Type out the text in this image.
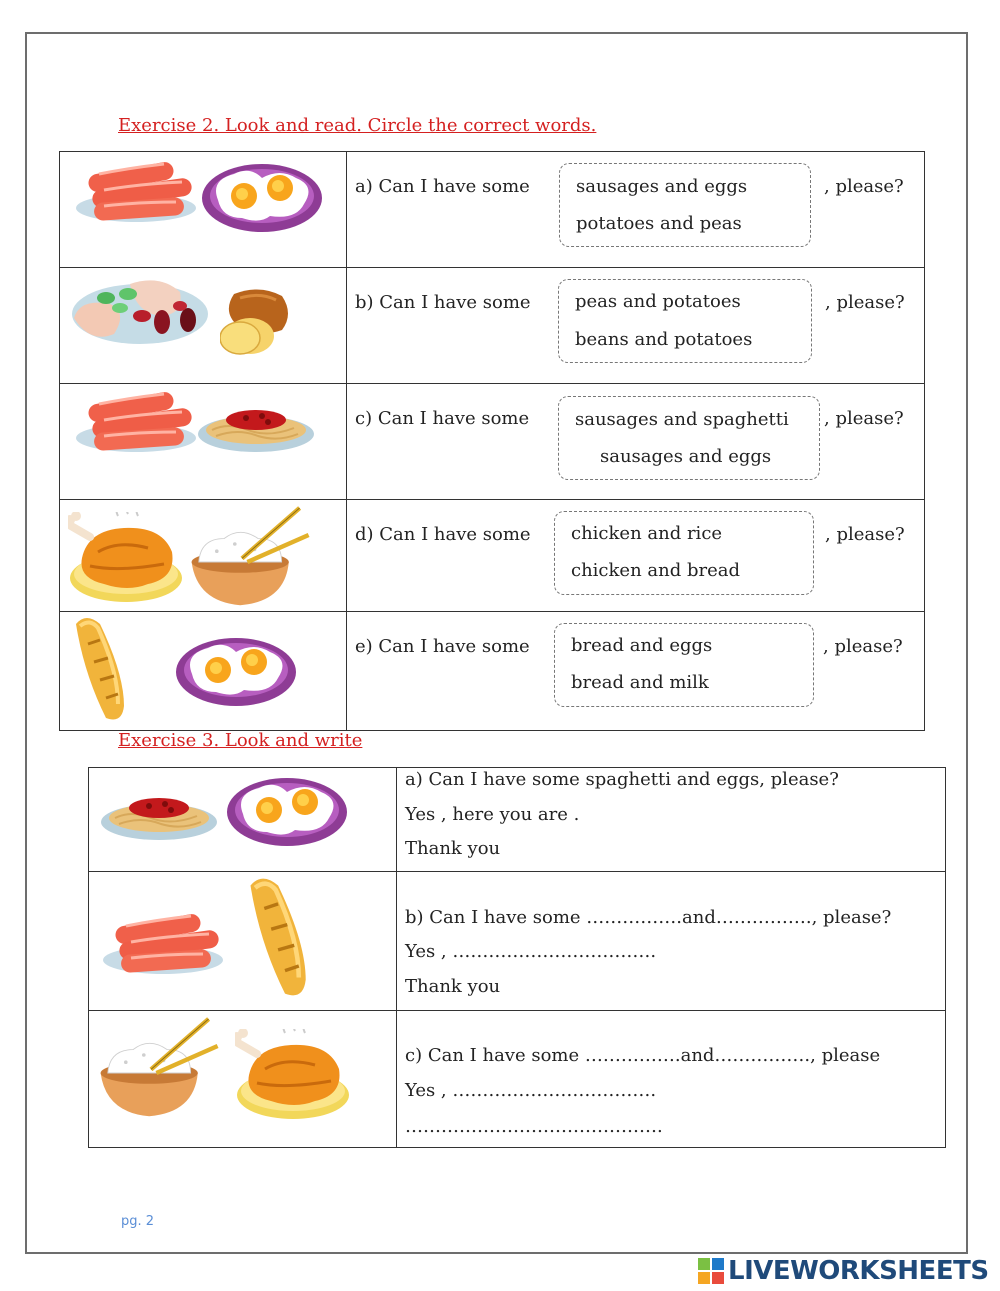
Exercise 2. Look and read. Circle the correct words.

a) Can I have some sausages and eggs
potatoes and peas
, please?

b) Can I have some peas and potatoes
beans and potatoes
, please?

c) Can I have some sausages and spaghetti
sausages and eggs
, please?

d) Can I have some chicken and rice
chicken and bread
, please?

e) Can I have some bread and eggs
bread and milk
, please?
Exercise 3. Look and write

a) Can I have some spaghetti and eggs, please?
Yes , here you are .
Thank you

b) Can I have some …………….and……………., please?
Yes , …………………………….
Thank you

c) Can I have some …………….and……………., please
Yes , …………………………….
…………………………………….
pg. 2
LIVEWORKSHEETS
